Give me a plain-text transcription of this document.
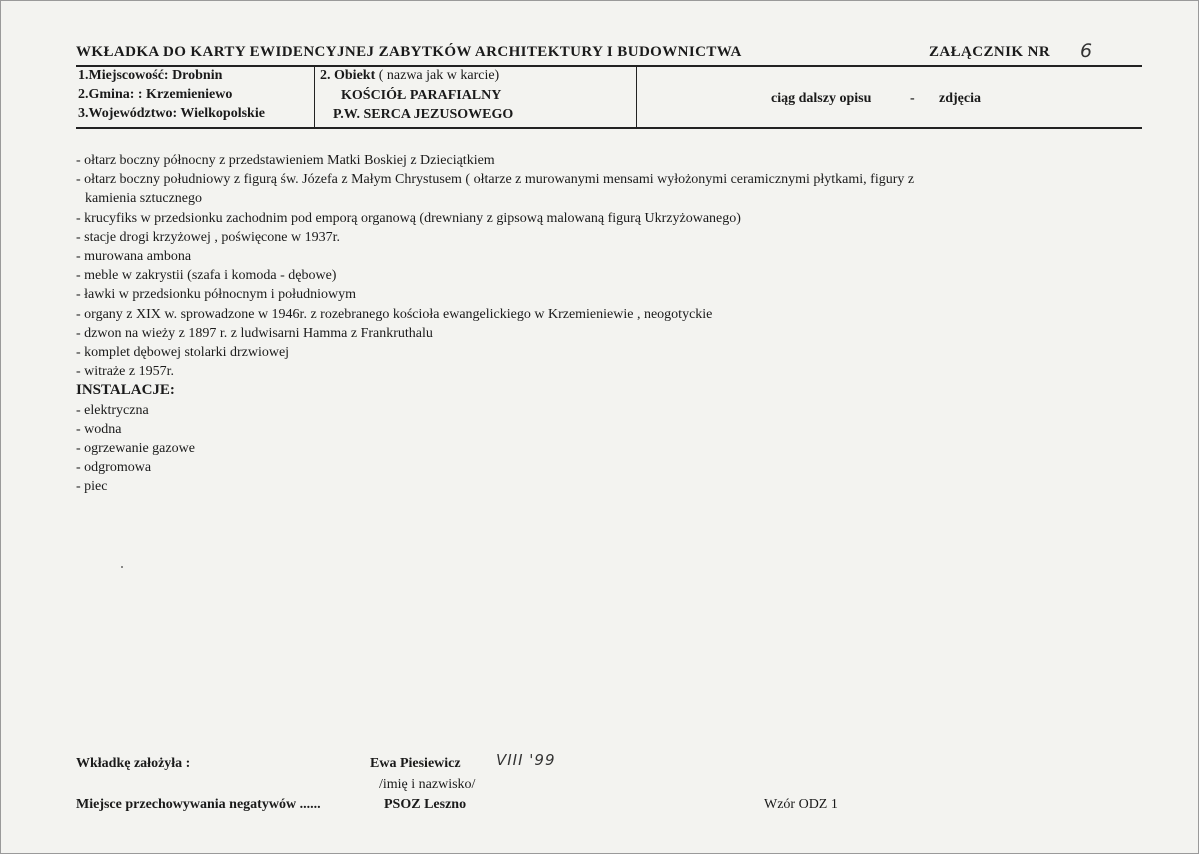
WKŁADKA DO KARTY EWIDENCYJNEJ ZABYTKÓW ARCHITEKTURY I BUDOWNICTWA	ZAŁĄCZNIK NR 6
1.Miejscowość: Drobnin
2.Gmina: : Krzemieniewo
3.Województwo: Wielkopolskie
2. Obiekt ( nazwa jak w karcie)
KOŚCIÓŁ PARAFIALNY
P.W. SERCA JEZUSOWEGO
ciąg dalszy opisu	- zdjęcia
- ołtarz boczny północny z przedstawieniem Matki Boskiej z Dzieciątkiem
- ołtarz boczny południowy z figurą św. Józefa z Małym Chrystusem ( ołtarze z murowanymi mensami wyłożonymi ceramicznymi płytkami, figury z
kamienia sztucznego
- krucyfiks w przedsionku zachodnim pod emporą organową (drewniany z gipsową malowaną figurą Ukrzyżowanego)
- stacje drogi krzyżowej , poświęcone w 1937r.
- murowana ambona
- meble w zakrystii (szafa i komoda - dębowe)
- ławki w przedsionku północnym i południowym
- organy z XIX w. sprowadzone w 1946r. z rozebranego kościoła ewangelickiego w Krzemieniewie , neogotyckie
- dzwon na wieży z 1897 r. z ludwisarni Hamma z Frankruthalu
- komplet dębowej stolarki drzwiowej
- witraże z 1957r.
INSTALACJE:
- elektryczna
- wodna
- ogrzewanie gazowe
- odgromowa
- piec
Wkładkę założyła :	Ewa Piesiewicz VIII '99
/imię i nazwisko/
Miejsce przechowywania negatywów ......	PSOZ Leszno	Wzór ODZ 1
